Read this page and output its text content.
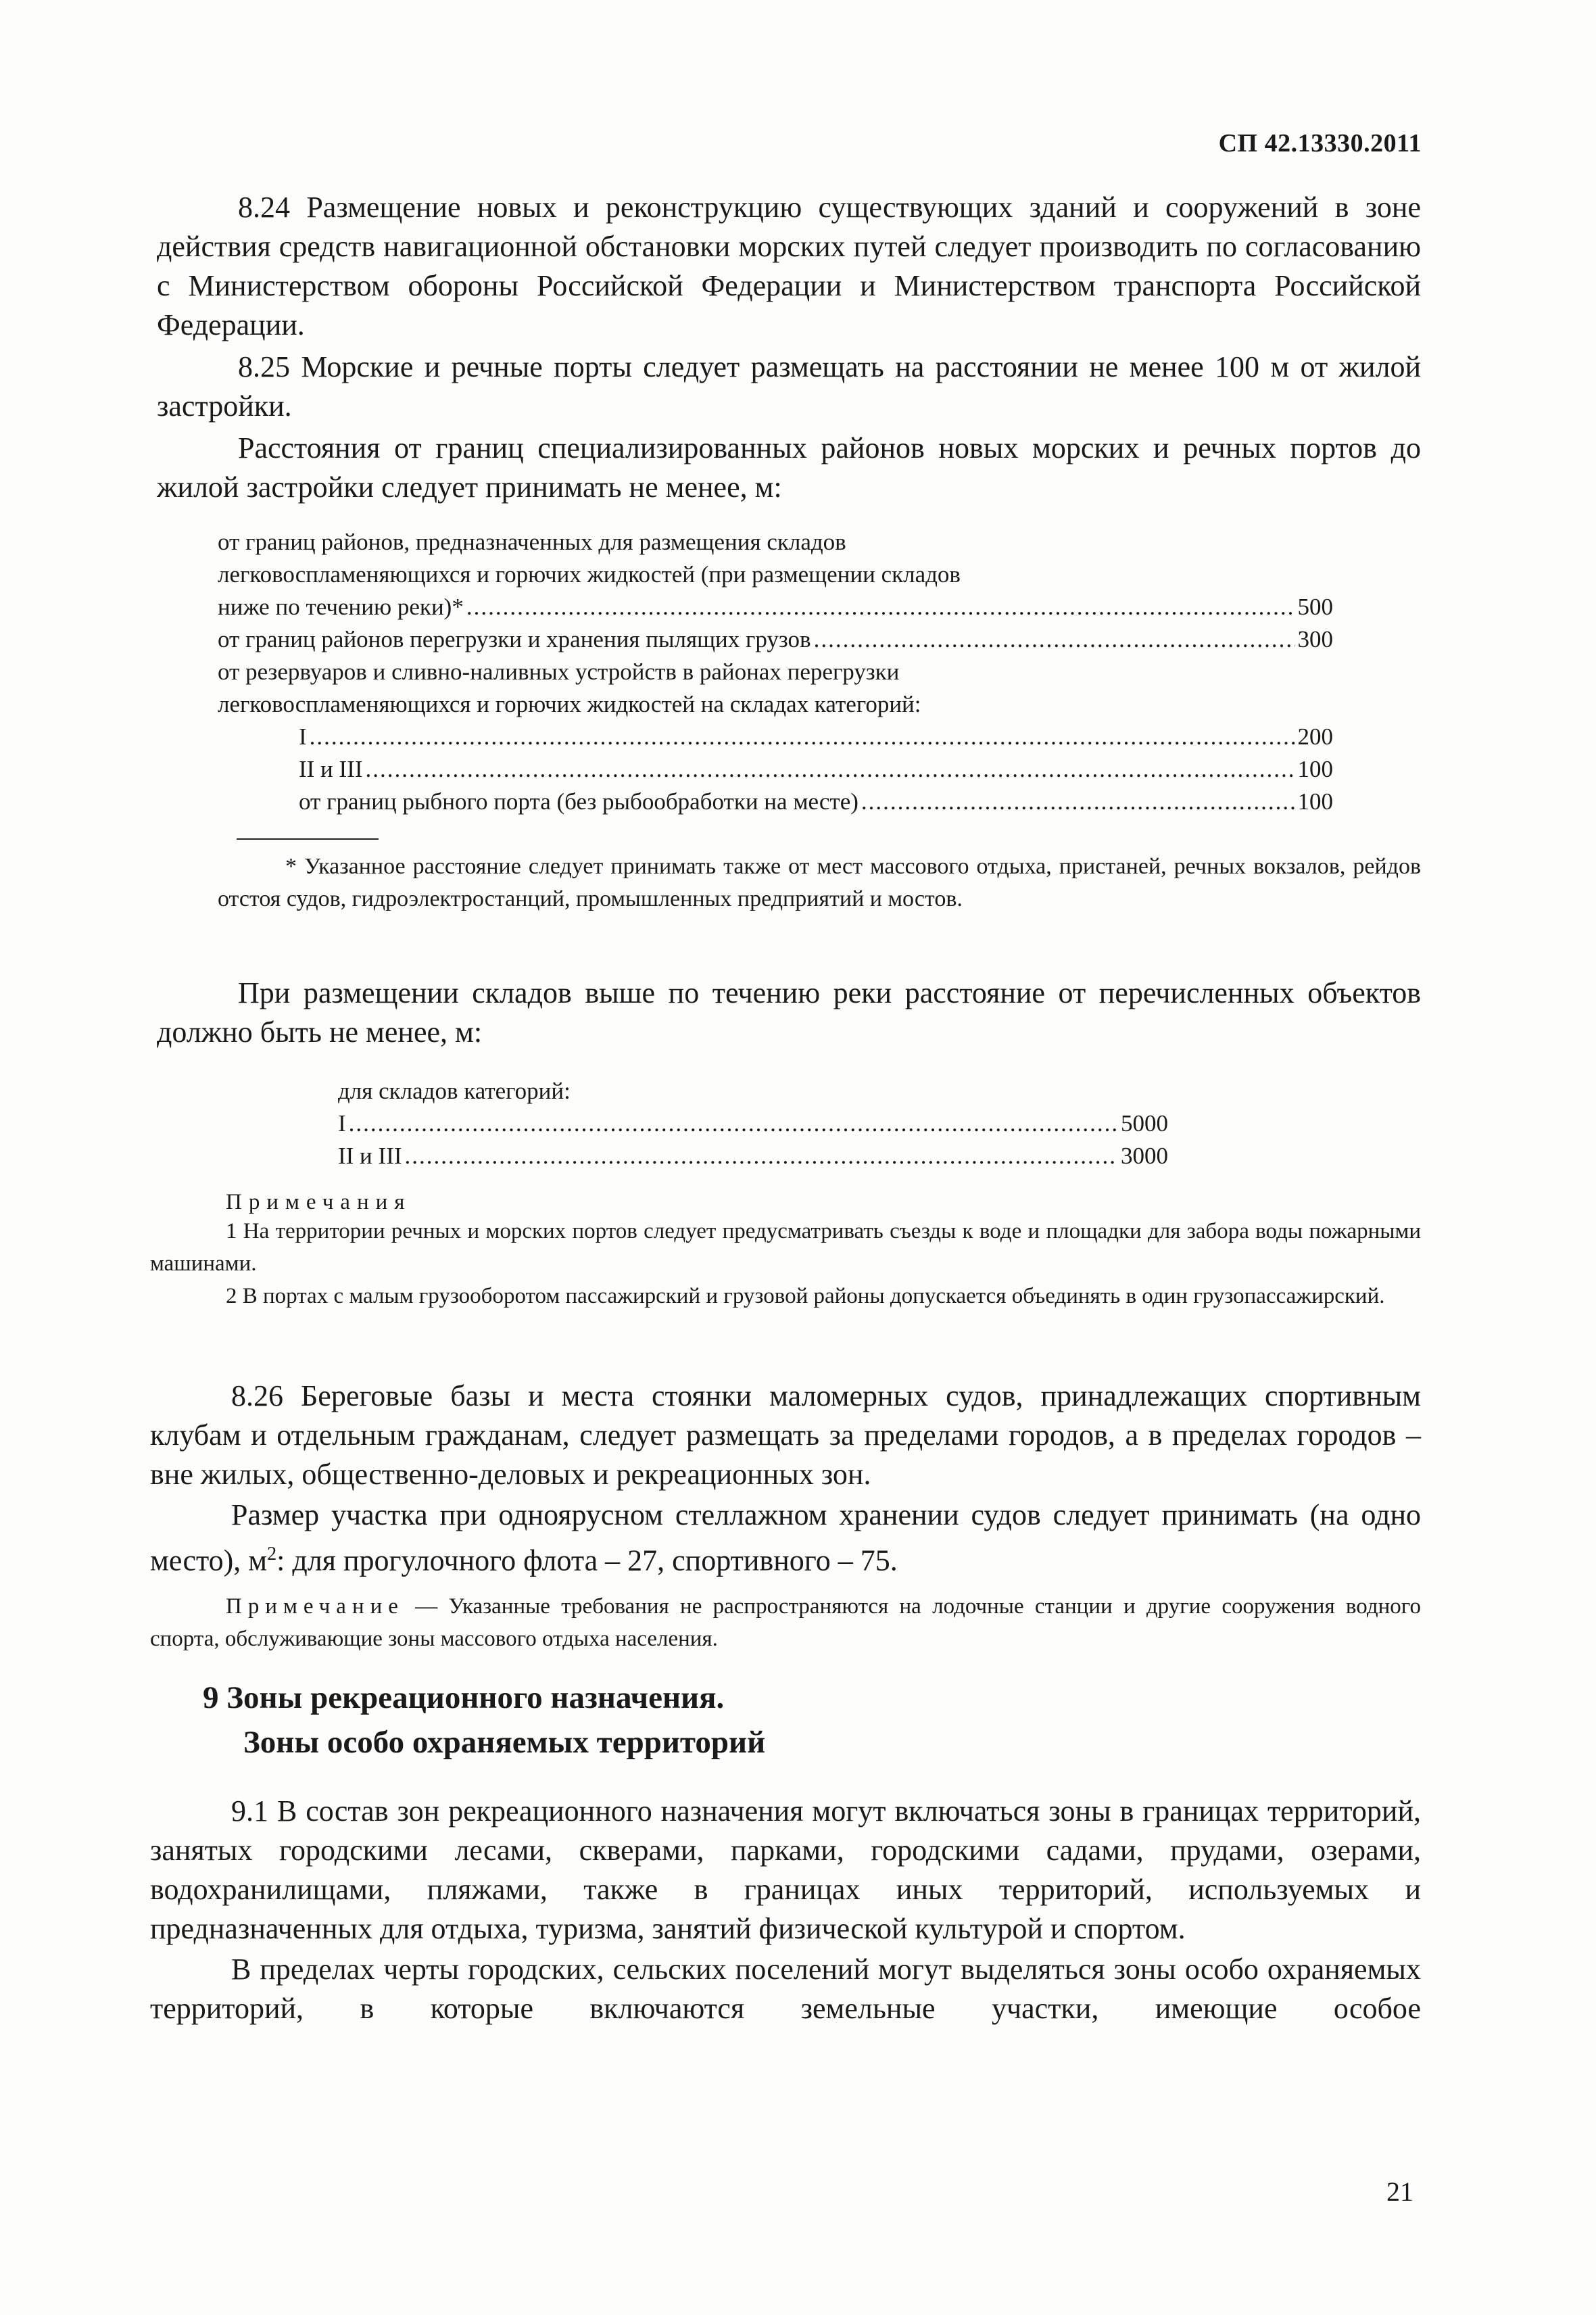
СП 42.13330.2011

8.24 Размещение новых и реконструкцию существующих зданий и сооружений в зоне действия средств навигационной обстановки морских путей следует производить по согласованию с Министерством обороны Российской Федерации и Министерством транспорта Российской Федерации.

8.25 Морские и речные порты следует размещать на расстоянии не менее 100 м от жилой застройки.

Расстояния от границ специализированных районов новых морских и речных портов до жилой застройки следует принимать не менее, м:

от границ районов, предназначенных для размещения складов

легковоспламеняющихся и горючих жидкостей (при размещении складов

ниже по течению реки)* .....	500
от границ районов перегрузки и хранения пылящих грузов .....	300

от резервуаров и сливно-наливных устройств в районах перегрузки

легковоспламеняющихся и горючих жидкостей на складах категорий:

I .....	200
II и III .....	100
от границ рыбного порта (без рыбообработки на месте) .....	100

* Указанное расстояние следует принимать также от мест массового отдыха, пристаней, речных вокзалов, рейдов отстоя судов, гидроэлектростанций, промышленных предприятий и мостов.

При размещении складов выше по течению реки расстояние от перечисленных объектов должно быть не менее, м:

для складов категорий:

I .....	5000
II и III .....	3000

Примечания

1 На территории речных и морских портов следует предусматривать съезды к воде и площадки для забора воды пожарными машинами.

2 В портах с малым грузооборотом пассажирский и грузовой районы допускается объединять в один грузопассажирский.

8.26 Береговые базы и места стоянки маломерных судов, принадлежащих спортивным клубам и отдельным гражданам, следует размещать за пределами городов, а в пределах городов – вне жилых, общественно-деловых и рекреационных зон.

Размер участка при одноярусном стеллажном хранении судов следует принимать (на одно место), $м^2$: для прогулочного флота – 27, спортивного – 75.

Примечание — Указанные требования не распространяются на лодочные станции и другие сооружения водного спорта, обслуживающие зоны массового отдыха населения.

9 Зоны рекреационного назначения.

Зоны особо охраняемых территорий

9.1 В состав зон рекреационного назначения могут включаться зоны в границах территорий, занятых городскими лесами, скверами, парками, городскими садами, прудами, озерами, водохранилищами, пляжами, также в границах иных территорий, используемых и предназначенных для отдыха, туризма, занятий физической культурой и спортом.

В пределах черты городских, сельских поселений могут выделяться зоны особо охраняемых территорий, в которые включаются земельные участки, имеющие особое

21
